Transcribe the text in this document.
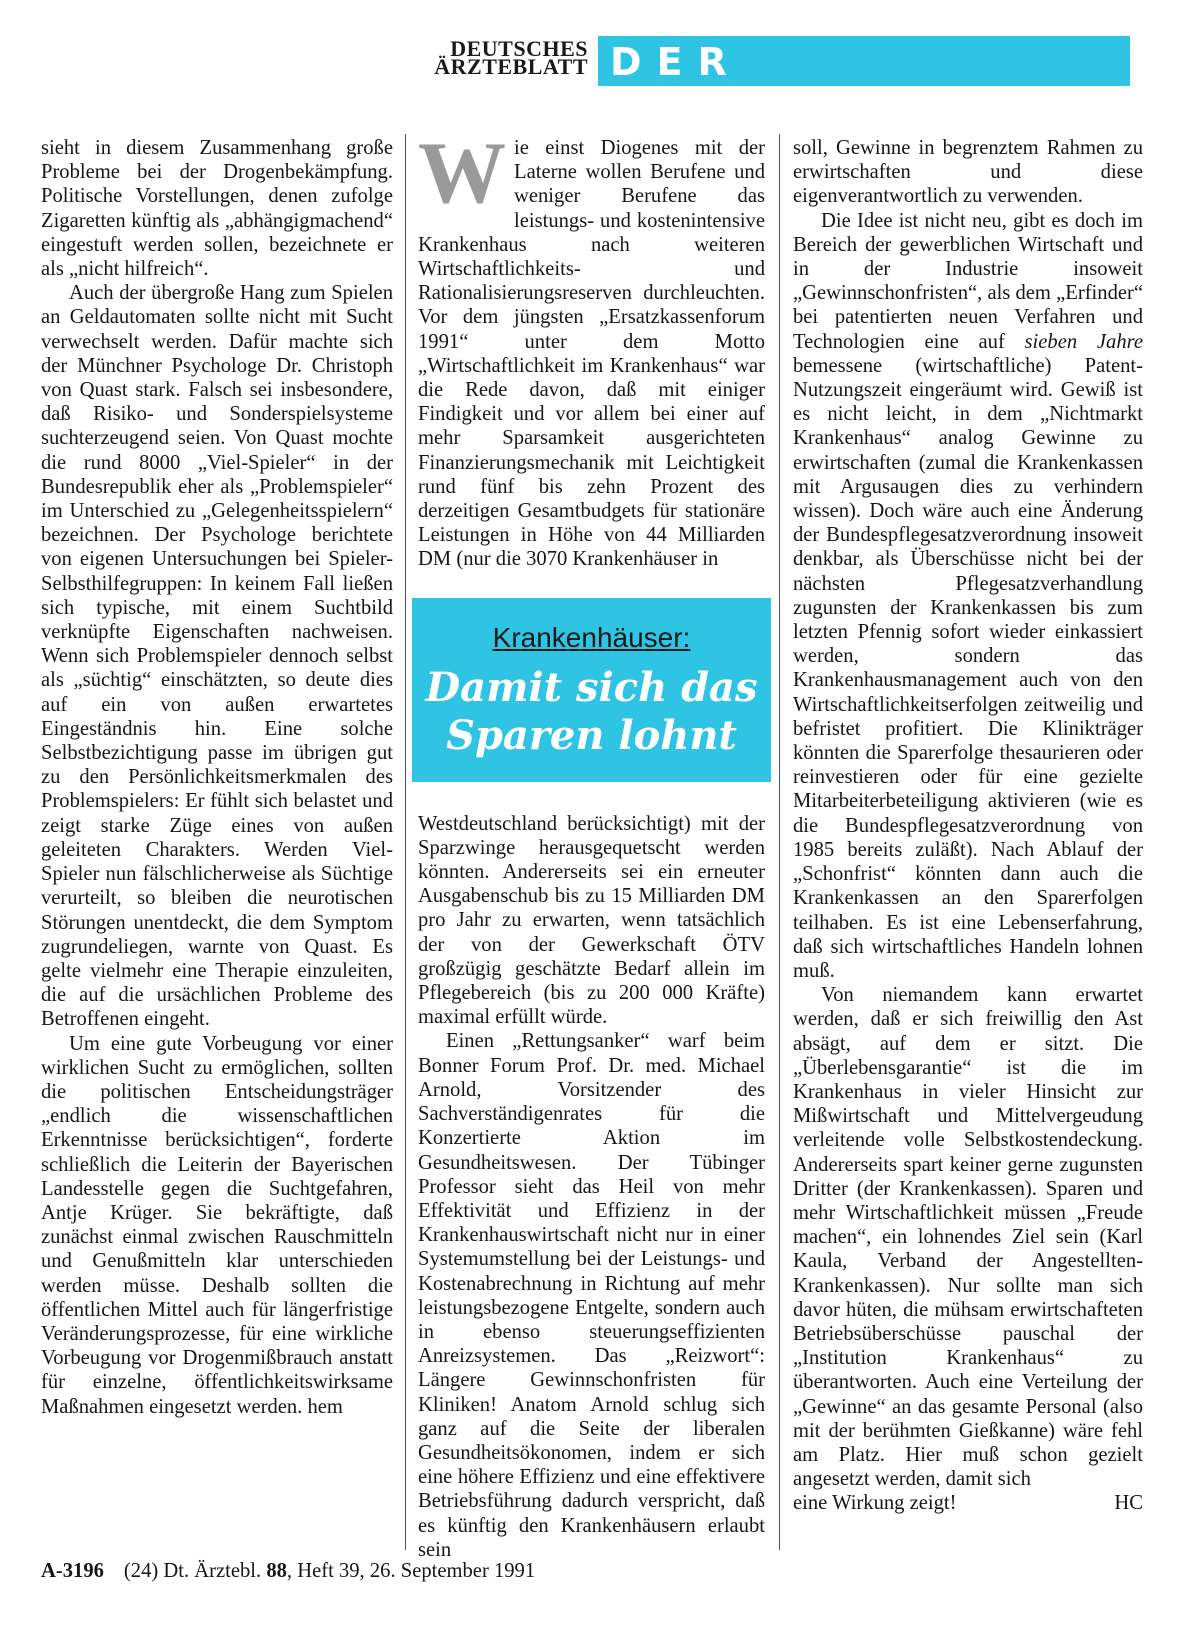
DEUTSCHES
ÄRZTEBLATT DER KOMMENTAR

sieht in diesem Zusammenhang große Probleme bei der Drogenbekämpfung. Politische Vorstellungen, denen zufolge Zigaretten künftig als „abhängigmachend“ eingestuft werden sollen, bezeichnete er als „nicht hilfreich“.

Auch der übergroße Hang zum Spielen an Geldautomaten sollte nicht mit Sucht verwechselt werden. Dafür machte sich der Münchner Psychologe Dr. Christoph von Quast stark. Falsch sei insbesondere, daß Risiko- und Sonderspielsysteme suchterzeugend seien. Von Quast mochte die rund 8000 „Viel-Spieler“ in der Bundesrepublik eher als „Problemspieler“ im Unterschied zu „Gelegenheitsspielern“ bezeichnen. Der Psychologe berichtete von eigenen Untersuchungen bei Spieler-Selbsthilfegruppen: In keinem Fall ließen sich typische, mit einem Suchtbild verknüpfte Eigenschaften nachweisen. Wenn sich Problemspieler dennoch selbst als „süchtig“ einschätzten, so deute dies auf ein von außen erwartetes Eingeständnis hin. Eine solche Selbstbezichtigung passe im übrigen gut zu den Persönlichkeitsmerkmalen des Problemspielers: Er fühlt sich belastet und zeigt starke Züge eines von außen geleiteten Charakters. Werden Viel-Spieler nun fälschlicherweise als Süchtige verurteilt, so bleiben die neurotischen Störungen unentdeckt, die dem Symptom zugrundeliegen, warnte von Quast. Es gelte vielmehr eine Therapie einzuleiten, die auf die ursächlichen Probleme des Betroffenen eingeht.

Um eine gute Vorbeugung vor einer wirklichen Sucht zu ermöglichen, sollten die politischen Entscheidungsträger „endlich die wissenschaftlichen Erkenntnisse berücksichtigen“, forderte schließlich die Leiterin der Bayerischen Landesstelle gegen die Suchtgefahren, Antje Krüger. Sie bekräftigte, daß zunächst einmal zwischen Rauschmitteln und Genußmitteln klar unterschieden werden müsse. Deshalb sollten die öffentlichen Mittel auch für längerfristige Veränderungsprozesse, für eine wirkliche Vorbeugung vor Drogenmißbrauch anstatt für einzelne, öffentlichkeitswirksame Maßnahmen eingesetzt werden. hem

Wie einst Diogenes mit der Laterne wollen Berufene und weniger Berufene das leistungs- und kostenintensive Krankenhaus nach weiteren Wirtschaftlichkeits- und Rationalisierungsreserven durchleuchten. Vor dem jüngsten „Ersatzkassenforum 1991“ unter dem Motto „Wirtschaftlichkeit im Krankenhaus“ war die Rede davon, daß mit einiger Findigkeit und vor allem bei einer auf mehr Sparsamkeit ausgerichteten Finanzierungsmechanik mit Leichtigkeit rund fünf bis zehn Prozent des derzeitigen Gesamtbudgets für stationäre Leistungen in Höhe von 44 Milliarden DM (nur die 3070 Krankenhäuser in

Krankenhäuser:
Damit sich das Sparen lohnt

Westdeutschland berücksichtigt) mit der Sparzwinge herausgequetscht werden könnten. Andererseits sei ein erneuter Ausgabenschub bis zu 15 Milliarden DM pro Jahr zu erwarten, wenn tatsächlich der von der Gewerkschaft ÖTV großzügig geschätzte Bedarf allein im Pflegebereich (bis zu 200 000 Kräfte) maximal erfüllt würde.

Einen „Rettungsanker“ warf beim Bonner Forum Prof. Dr. med. Michael Arnold, Vorsitzender des Sachverständigenrates für die Konzertierte Aktion im Gesundheitswesen. Der Tübinger Professor sieht das Heil von mehr Effektivität und Effizienz in der Krankenhauswirtschaft nicht nur in einer Systemumstellung bei der Leistungs- und Kostenabrechnung in Richtung auf mehr leistungsbezogene Entgelte, sondern auch in ebenso steuerungseffizienten Anreizsystemen. Das „Reizwort“: Längere Gewinnschonfristen für Kliniken! Anatom Arnold schlug sich ganz auf die Seite der liberalen Gesundheitsökonomen, indem er sich eine höhere Effizienz und eine effektivere Betriebsführung dadurch verspricht, daß es künftig den Krankenhäusern erlaubt sein

soll, Gewinne in begrenztem Rahmen zu erwirtschaften und diese eigenverantwortlich zu verwenden.

Die Idee ist nicht neu, gibt es doch im Bereich der gewerblichen Wirtschaft und in der Industrie insoweit „Gewinnschonfristen“, als dem „Erfinder“ bei patentierten neuen Verfahren und Technologien eine auf sieben Jahre bemessene (wirtschaftliche) Patent-Nutzungszeit eingeräumt wird. Gewiß ist es nicht leicht, in dem „Nichtmarkt Krankenhaus“ analog Gewinne zu erwirtschaften (zumal die Krankenkassen mit Argusaugen dies zu verhindern wissen). Doch wäre auch eine Änderung der Bundespflegesatzverordnung insoweit denkbar, als Überschüsse nicht bei der nächsten Pflegesatzverhandlung zugunsten der Krankenkassen bis zum letzten Pfennig sofort wieder einkassiert werden, sondern das Krankenhausmanagement auch von den Wirtschaftlichkeitserfolgen zeitweilig und befristet profitiert. Die Klinikträger könnten die Sparerfolge thesaurieren oder reinvestieren oder für eine gezielte Mitarbeiterbeteiligung aktivieren (wie es die Bundespflegesatzverordnung von 1985 bereits zuläßt). Nach Ablauf der „Schonfrist“ könnten dann auch die Krankenkassen an den Sparerfolgen teilhaben. Es ist eine Lebenserfahrung, daß sich wirtschaftliches Handeln lohnen muß.

Von niemandem kann erwartet werden, daß er sich freiwillig den Ast absägt, auf dem er sitzt. Die „Überlebensgarantie“ ist die im Krankenhaus in vieler Hinsicht zur Mißwirtschaft und Mittelvergeudung verleitende volle Selbstkostendeckung. Andererseits spart keiner gerne zugunsten Dritter (der Krankenkassen). Sparen und mehr Wirtschaftlichkeit müssen „Freude machen“, ein lohnendes Ziel sein (Karl Kaula, Verband der Angestellten-Krankenkassen). Nur sollte man sich davor hüten, die mühsam erwirtschafteten Betriebsüberschüsse pauschal der „Institution Krankenhaus“ zu überantworten. Auch eine Verteilung der „Gewinne“ an das gesamte Personal (also mit der berühmten Gießkanne) wäre fehl am Platz. Hier muß schon gezielt angesetzt werden, damit sich

eine Wirkung zeigt!	HC
A-3196 (24) Dt. Ärztebl. 88, Heft 39, 26. September 1991
